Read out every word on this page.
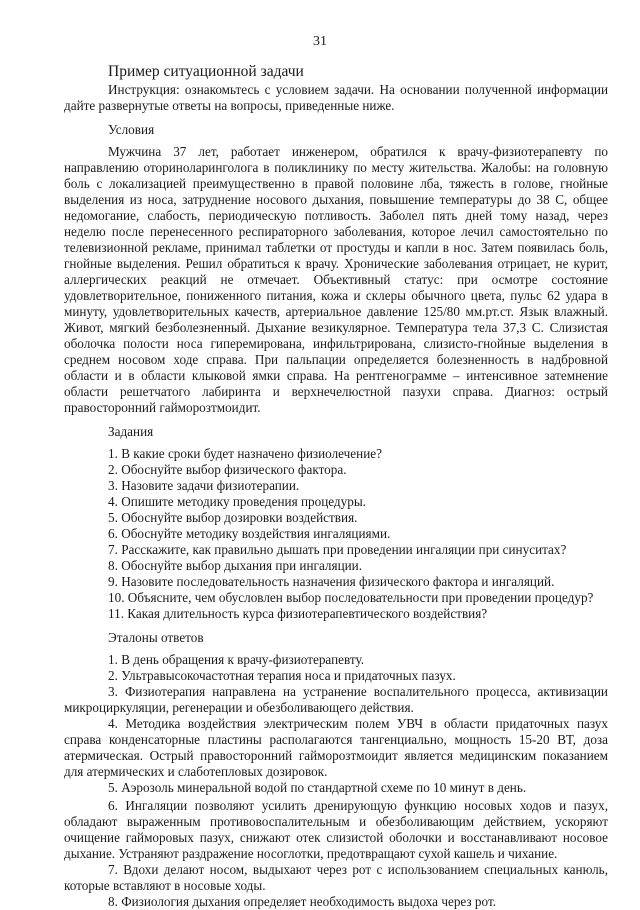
31
Пример ситуационной задачи

Инструкция: ознакомьтесь с условием задачи. На основании полученной информации дайте развернутые ответы на вопросы, приведенные ниже.

Условия

Мужчина 37 лет, работает инженером, обратился к врачу-физиотерапевту по направлению оториноларинголога в поликлинику по месту жительства. Жалобы: на головную боль с локализацией преимущественно в правой половине лба, тяжесть в голове, гнойные выделения из носа, затруднение носового дыхания, повышение температуры до 38 С, общее недомогание, слабость, периодическую потливость. Заболел пять дней тому назад, через неделю после перенесенного респираторного заболевания, которое лечил самостоятельно по телевизионной рекламе, принимал таблетки от простуды и капли в нос. Затем появилась боль, гнойные выделения. Решил обратиться к врачу. Хронические заболевания отрицает, не курит, аллергических реакций не отмечает. Объективный статус: при осмотре состояние удовлетворительное, пониженного питания, кожа и склеры обычного цвета, пульс 62 удара в минуту, удовлетворительных качеств, артериальное давление 125/80 мм.рт.ст. Язык влажный. Живот, мягкий безболезненный. Дыхание везикулярное. Температура тела 37,3 С. Слизистая оболочка полости носа гиперемирована, инфильтрирована, слизисто-гнойные выделения в среднем носовом ходе справа. При пальпации определяется болезненность в надбровной области и в области клыковой ямки справа. На рентгенограмме – интенсивное затемнение области решетчатого лабиринта и верхнечелюстной пазухи справа. Диагноз: острый правосторонний гайморозтмоидит.

Задания
1. В какие сроки будет назначено физиолечение?
2. Обоснуйте выбор физического фактора.
3. Назовите задачи физиотерапии.
4. Опишите методику проведения процедуры.
5. Обоснуйте выбор дозировки воздействия.
6. Обоснуйте методику воздействия ингаляциями.
7. Расскажите, как правильно дышать при проведении ингаляции при синуситах?
8. Обоснуйте выбор дыхания при ингаляции.
9. Назовите последовательность назначения физического фактора и ингаляций.
10. Объясните, чем обусловлен выбор последовательности при проведении процедур?
11. Какая длительность курса физиотерапевтического воздействия?
Эталоны ответов
1. В день обращения к врачу-физиотерапевту.
2. Ультравысокочастотная терапия носа и придаточных пазух.
3. Физиотерапия направлена на устранение воспалительного процесса, активизации микроциркуляции, регенерации и обезболивающего действия.
4. Методика воздействия электрическим полем УВЧ в области придаточных пазух справа конденсаторные пластины располагаются тангенциально, мощность 15-20 ВТ, доза атермическая. Острый правосторонний гайморозтмоидит является медицинским показанием для атермических и слаботепловых дозировок.
5. Аэрозоль минеральной водой по стандартной схеме по 10 минут в день.
6. Ингаляции позволяют усилить дренирующую функцию носовых ходов и пазух, обладают выраженным противовоспалительным и обезболивающим действием, ускоряют очищение гайморовых пазух, снижают отек слизистой оболочки и восстанавливают носовое дыхание. Устраняют раздражение носоглотки, предотвращают сухой кашель и чихание.
7. Вдохи делают носом, выдыхают через рот с использованием специальных канюль, которые вставляют в носовые ходы.
8. Физиология дыхания определяет необходимость выдоха через рот.
